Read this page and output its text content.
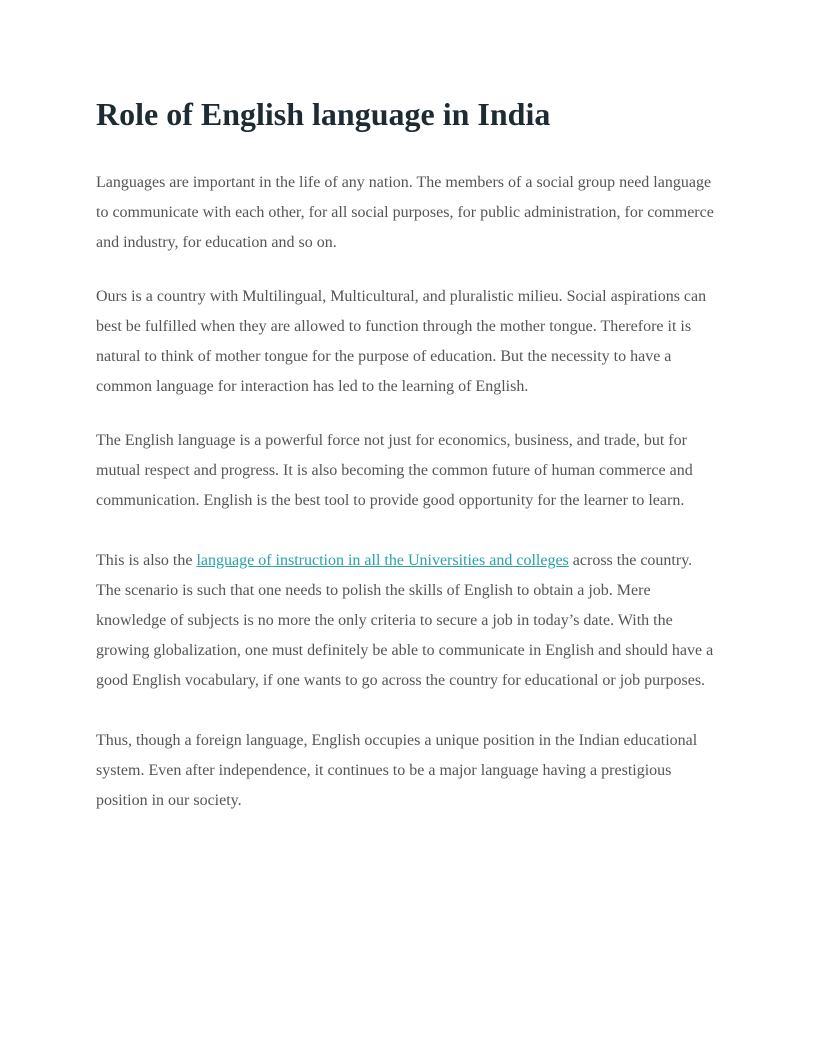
Role of English language in India

Languages are important in the life of any nation. The members of a social group need language to communicate with each other, for all social purposes, for public administration, for commerce and industry, for education and so on.

Ours is a country with Multilingual, Multicultural, and pluralistic milieu. Social aspirations can best be fulfilled when they are allowed to function through the mother tongue. Therefore it is natural to think of mother tongue for the purpose of education. But the necessity to have a common language for interaction has led to the learning of English.

The English language is a powerful force not just for economics, business, and trade, but for mutual respect and progress. It is also becoming the common future of human commerce and communication. English is the best tool to provide good opportunity for the learner to learn.

This is also the language of instruction in all the Universities and colleges across the country. The scenario is such that one needs to polish the skills of English to obtain a job. Mere knowledge of subjects is no more the only criteria to secure a job in today’s date. With the growing globalization, one must definitely be able to communicate in English and should have a good English vocabulary, if one wants to go across the country for educational or job purposes.

Thus, though a foreign language, English occupies a unique position in the Indian educational system. Even after independence, it continues to be a major language having a prestigious position in our society.
